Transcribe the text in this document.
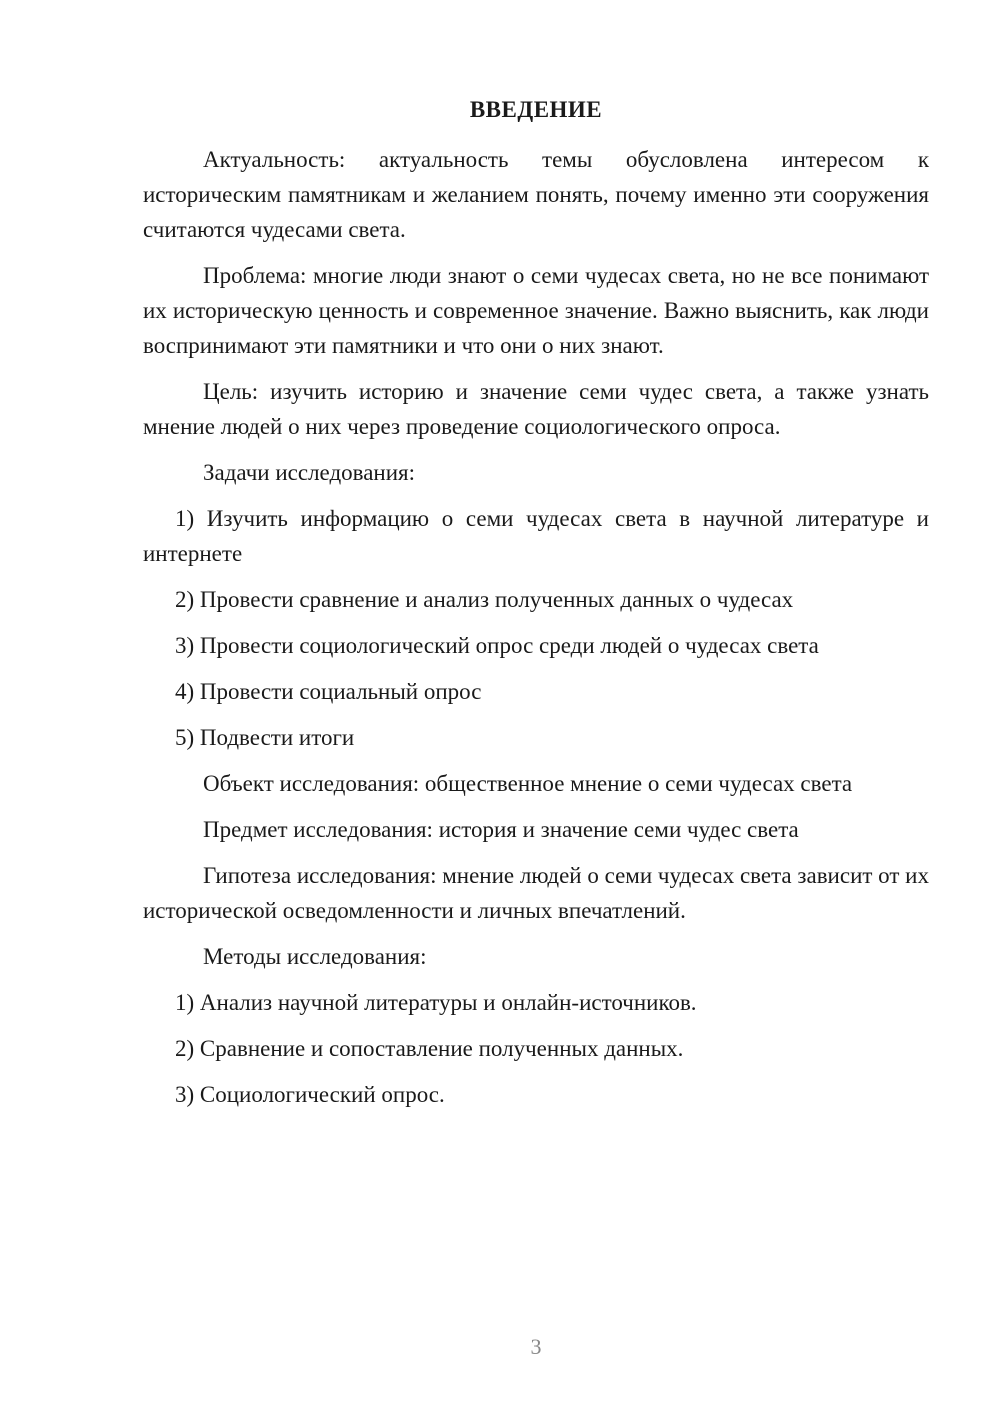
ВВЕДЕНИЕ

Актуальность: актуальность темы обусловлена интересом к историческим памятникам и желанием понять, почему именно эти сооружения считаются чудесами света.

Проблема: многие люди знают о семи чудесах света, но не все понимают их историческую ценность и современное значение. Важно выяснить, как люди воспринимают эти памятники и что они о них знают.

Цель: изучить историю и значение семи чудес света, а также узнать мнение людей о них через проведение социологического опроса.

Задачи исследования:

1) Изучить информацию о семи чудесах света в научной литературе и интернете

2) Провести сравнение и анализ полученных данных о чудесах

3) Провести социологический опрос среди людей о чудесах света

4) Провести социальный опрос

5) Подвести итоги

Объект исследования: общественное мнение о семи чудесах света

Предмет исследования: история и значение семи чудес света

Гипотеза исследования: мнение людей о семи чудесах света зависит от их исторической осведомленности и личных впечатлений.

Методы исследования:

1) Анализ научной литературы и онлайн-источников.

2) Сравнение и сопоставление полученных данных.

3) Социологический опрос.

3
